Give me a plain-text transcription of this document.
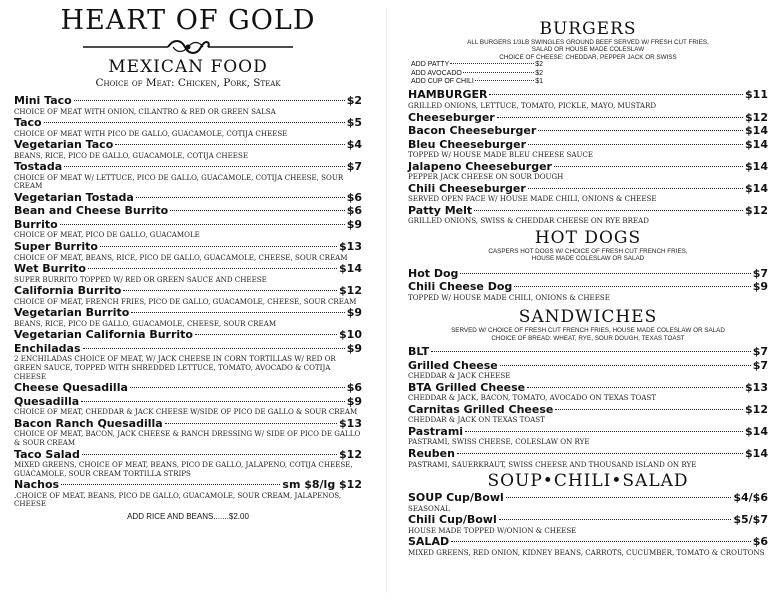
HEART OF GOLD
MEXICAN FOOD
Choice of Meat: Chicken, Pork, Steak
Mini Taco	$2
CHOICE OF MEAT WITH ONION, CILANTRO & RED OR GREEN SALSA
Taco	$5
CHOICE OF MEAT WITH PICO DE GALLO, GUACAMOLE, COTIJA CHEESE
Vegetarian Taco	$4
BEANS, RICE, PICO DE GALLO, GUACAMOLE, COTIJA CHEESE
Tostada	$7
CHOICE OF MEAT W/ LETTUCE, PICO DE GALLO, GUACAMOLE, COTIJA CHEESE, SOUR CREAM
Vegetarian Tostada	$6
Bean and Cheese Burrito	$6
Burrito	$9
CHOICE OF MEAT, PICO DE GALLO, GUACAMOLE
Super Burrito	$13
CHOICE OF MEAT, BEANS, RICE, PICO DE GALLO, GUACAMOLE, CHEESE, SOUR CREAM
Wet Burrito	$14
SUPER BURRITO TOPPED W/ RED OR GREEN SAUCE AND CHEESE
California Burrito	$12
CHOICE OF MEAT, FRENCH FRIES, PICO DE GALLO, GUACAMOLE, CHEESE, SOUR CREAM
Vegetarian Burrito	$9
BEANS, RICE, PICO DE GALLO, GUACAMOLE, CHEESE, SOUR CREAM
Vegetarian California Burrito	$10
Enchiladas	$9
2 ENCHILADAS CHOICE OF MEAT, W/ JACK CHEESE IN CORN TORTILLAS W/ RED OR GREEN SAUCE, TOPPED WITH SHREDDED LETTUCE, TOMATO, AVOCADO & COTIJA CHEESE
Cheese Quesadilla	$6
Quesadilla	$9
CHOICE OF MEAT, CHEDDAR & JACK CHEESE W/SIDE OF PICO DE GALLO & SOUR CREAM
Bacon Ranch Quesadilla	$13
CHOICE OF MEAT, BACON, JACK CHEESE & RANCH DRESSING W/ SIDE OF PICO DE GALLO & SOUR CREAM
Taco Salad	$12
MIXED GREENS, CHOICE OF MEAT, BEANS, PICO DE GALLO, JALAPENO, COTIJA CHEESE, GUACAMOLE, SOUR CREAM TORTILLA STRIPS
Nachos	sm $8/lg $12
.CHOICE OF MEAT, BEANS, PICO DE GALLO, GUACAMOLE, SOUR CREAM, JALAPENOS, CHEESE
ADD RICE AND BEANS.......$2.00
BURGERS
ALL BURGERS 1/3LB SWINGLES GROUND BEEF SERVED W/ FRESH CUT FRIES,
SALAD OR HOUSE MADE COLESLAW
CHOICE OF CHEESE: CHEDDAR, PEPPER JACK OR SWISS
ADD PATTY	$2
ADD AVOCADO	$2
ADD CUP OF CHILI	$1
HAMBURGER	$11
GRILLED ONIONS, LETTUCE, TOMATO, PICKLE, MAYO, MUSTARD
Cheeseburger	$12
Bacon Cheeseburger	$14
Bleu Cheeseburger	$14
TOPPED W/ HOUSE MADE BLEU CHEESE SAUCE
Jalapeno Cheeseburger	$14
PEPPER JACK CHEESE ON SOUR DOUGH
Chili Cheeseburger	$14
SERVED OPEN FACE W/ HOUSE MADE CHILI, ONIONS & CHEESE
Patty Melt	$12
GRILLED ONIONS, SWISS & CHEDDAR CHEESE ON RYE BREAD
HOT DOGS
CASPERS HOT DOGS W/ CHOICE OF FRESH CUT FRENCH FRIES,
HOUSE MADE COLESLAW OR SALAD
Hot Dog	$7
Chili Cheese Dog	$9
TOPPED W/ HOUSE MADE CHILI, ONIONS & CHEESE
SANDWICHES
SERVED W/ CHOICE OF FRESH CUT FRENCH FRIES, HOUSE MADE COLESLAW OR SALAD
CHOICE OF BREAD: WHEAT, RYE, SOUR DOUGH, TEXAS TOAST
BLT	$7
Grilled Cheese	$7
CHEDDAR & JACK CHEESE
BTA Grilled Cheese	$13
CHEDDAR & JACK, BACON, TOMATO, AVOCADO ON TEXAS TOAST
Carnitas Grilled Cheese	$12
CHEDDAR & JACK ON TEXAS TOAST
Pastrami	$14
PASTRAMI, SWISS CHEESE, COLESLAW ON RYE
Reuben	$14
PASTRAMI, SAUERKRAUT, SWISS CHEESE AND THOUSAND ISLAND ON RYE
SOUP•CHILI•SALAD
SOUP Cup/Bowl	$4/$6
SEASONAL
Chili Cup/Bowl	$5/$7
HOUSE MADE TOPPED W/ONION & CHEESE
SALAD	$6
MIXED GREENS, RED ONION, KIDNEY BEANS, CARROTS, CUCUMBER, TOMATO & CROUTONS
